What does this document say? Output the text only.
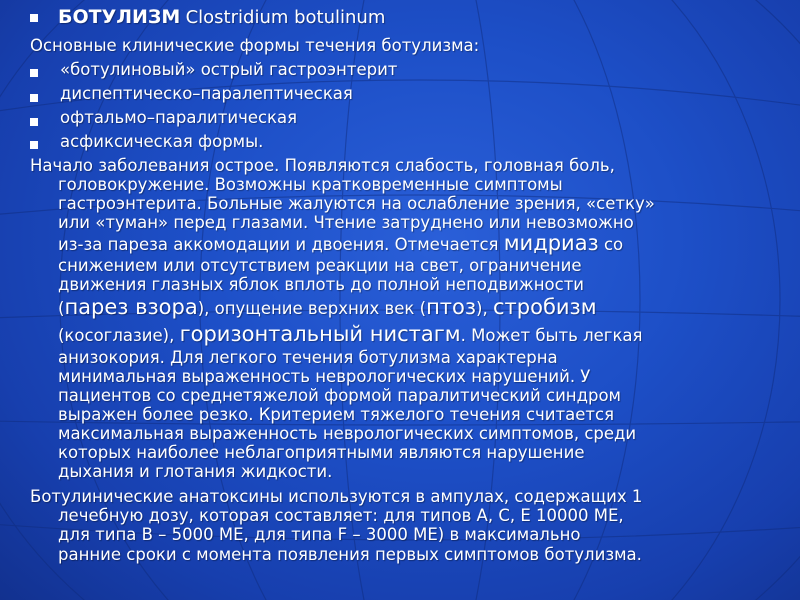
БОТУЛИЗМ Clostridium botulinum
Основные клинические формы течения ботулизма:
«ботулиновый» острый гастроэнтерит
диспептическо–паралептическая
офтальмо–паралитическая
асфиксическая формы.
Начало заболевания острое. Появляются слабость, головная боль,
головокружение. Возможны кратковременные симптомы
гастроэнтерита. Больные жалуются на ослабление зрения, «сетку»
или «туман» перед глазами. Чтение затруднено или невозможно
из-за пареза аккомодации и двоения. Отмечается мидриаз со
снижением или отсутствием реакции на свет, ограничение
движения глазных яблок вплоть до полной неподвижности
(парез взора), опущение верхних век (птоз), стробизм
(косоглазие), горизонтальный нистагм. Может быть легкая
анизокория. Для легкого течения ботулизма характерна
минимальная выраженность неврологических нарушений. У
пациентов со среднетяжелой формой паралитический синдром
выражен более резко. Критерием тяжелого течения считается
максимальная выраженность неврологических симптомов, среди
которых наиболее неблагоприятными являются нарушение
дыхания и глотания жидкости.
Ботулинические анатоксины используются в ампулах, содержащих 1
лечебную дозу, которая составляет: для типов А, С, Е 10000 МЕ,
для типа В – 5000 МЕ, для типа F – 3000 МЕ) в максимально
ранние сроки с момента появления первых симптомов ботулизма.
